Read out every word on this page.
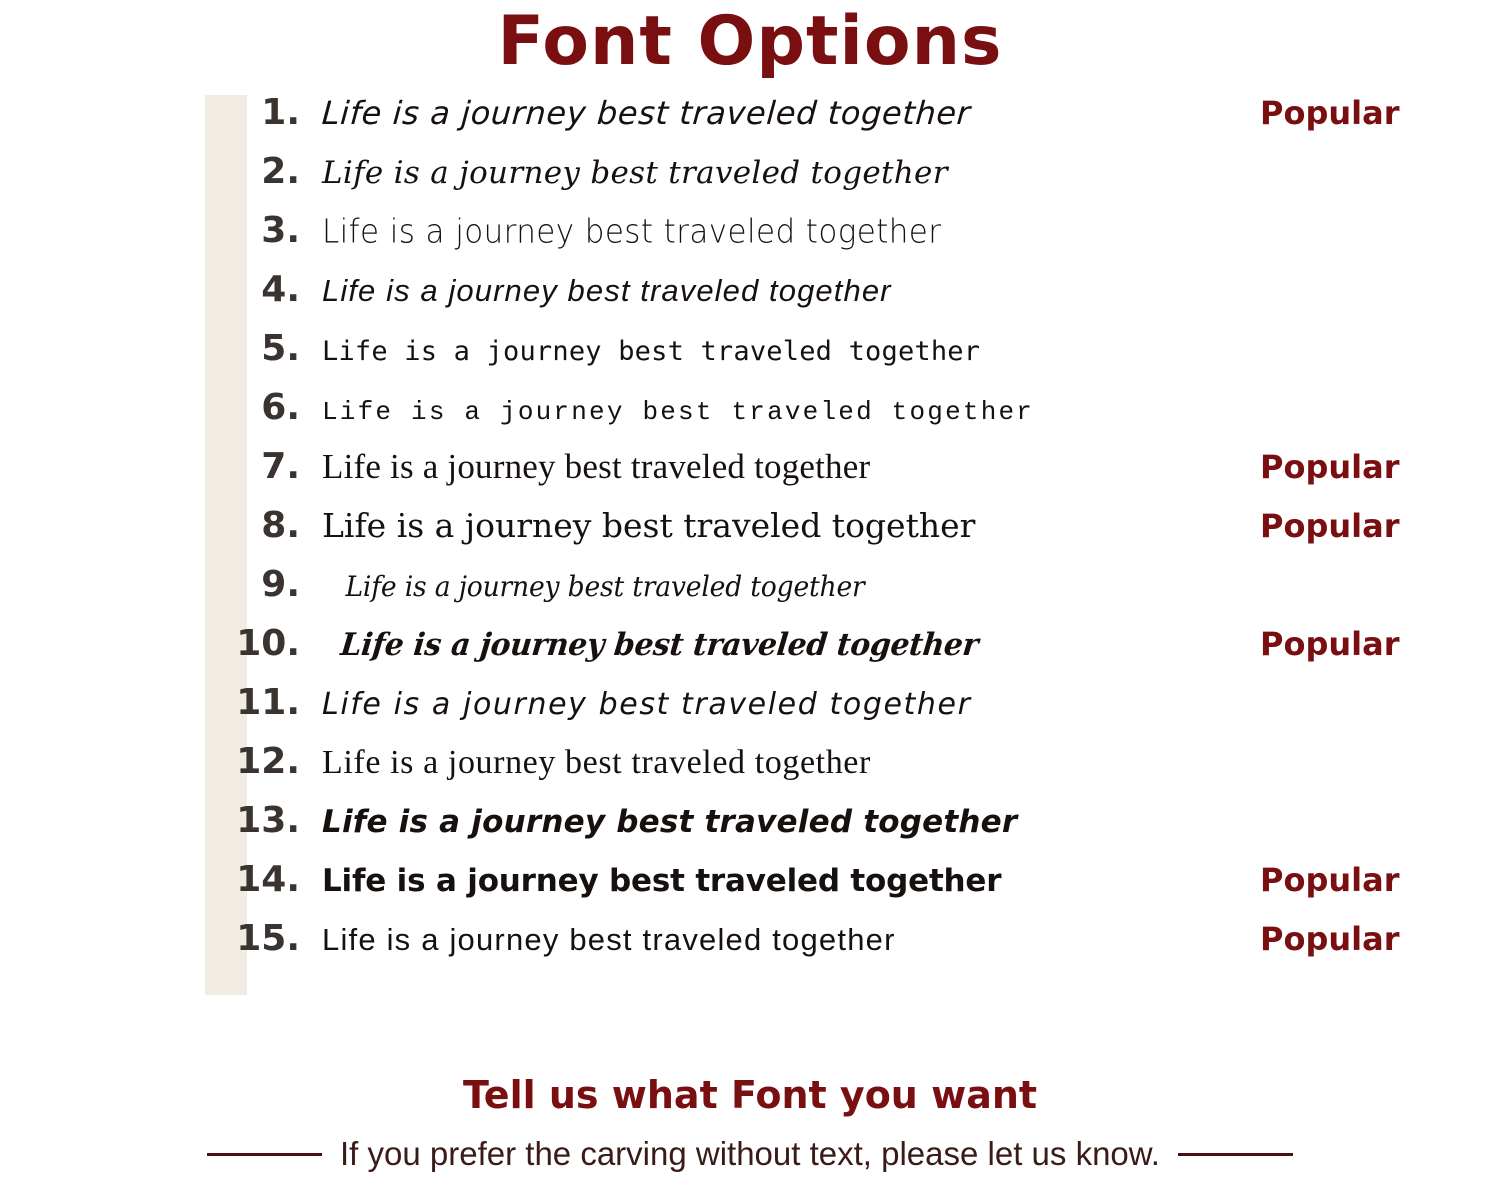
Font Options
1. Life is a journey best traveled together	Popular
2. Life is a journey best traveled together
3. Life is a journey best traveled together
4. Life is a journey best traveled together
5. Life is a journey best traveled together
6. Life is a journey best traveled together
7. Life is a journey best traveled together	Popular
8. Life is a journey best traveled together	Popular
9.	Life is a journey best traveled together
10.	Life is a journey best traveled together	Popular
11. Life is a journey best traveled together
12. Life is a journey best traveled together
13. Life is a journey best traveled together
14. Life is a journey best traveled together	Popular
15. Life is a journey best traveled together	Popular
Tell us what Font you want
If you prefer the carving without text, please let us know.
